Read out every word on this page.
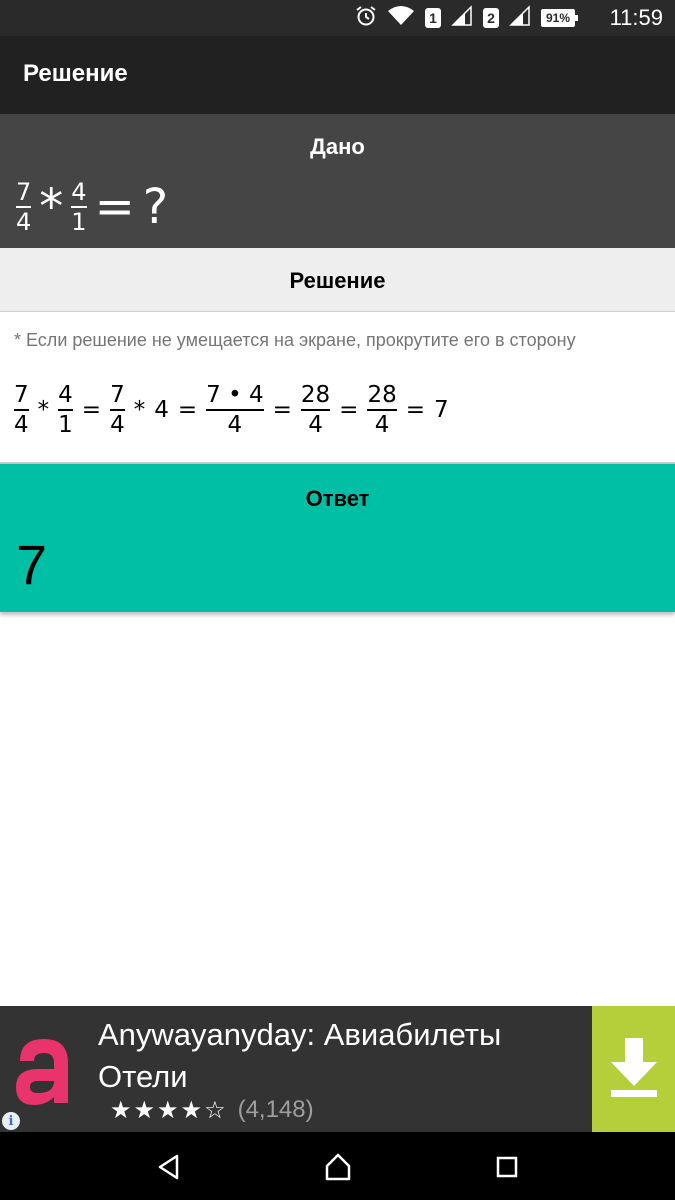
1	2	91% 11:59
Решение
Дано
$\frac{7}{4} * \frac{4}{1}$ = ?
Решение
* Если решение не умещается на экране, прокрутите его в сторону
$\frac{7}{4} * \frac{4}{1} = \frac{7}{4} * 4 = \frac{7 • 4}{4} = \frac{28}{4} = \frac{28}{4} = 7$
Ответ
7
Anywayanyday: Авиабилеты Отели
★★★★☆ (4,148)
i
